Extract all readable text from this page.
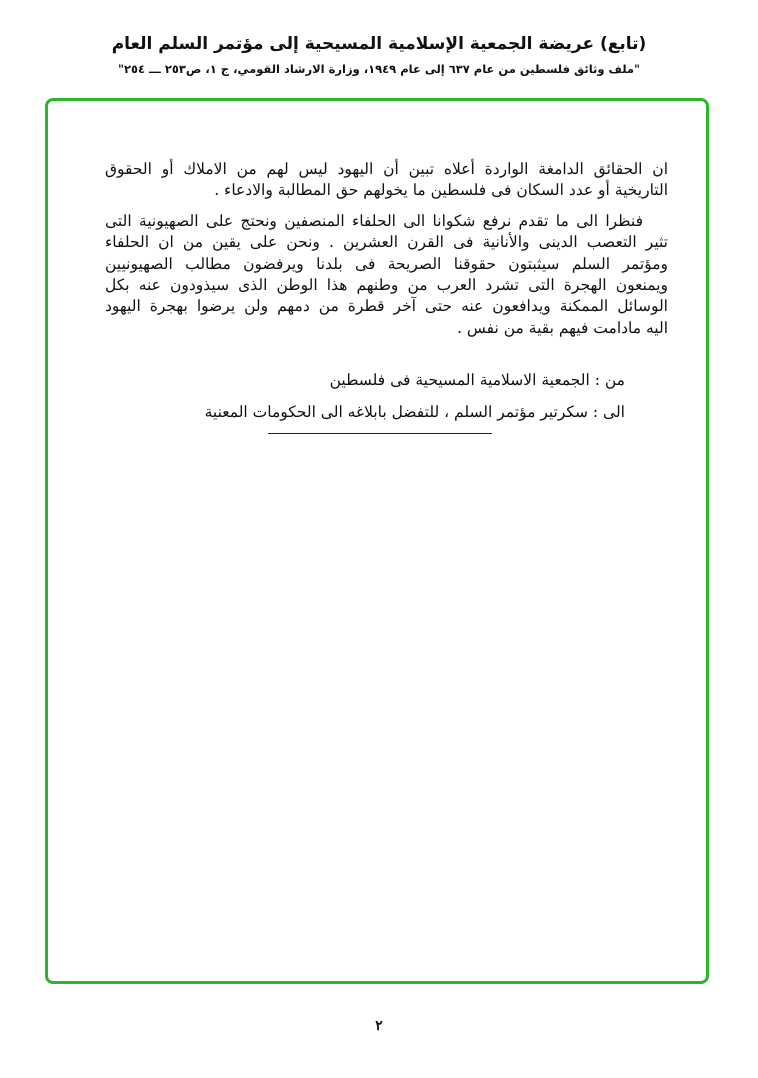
(تابع) عريضة الجمعية الإسلامية المسيحية إلى مؤتمر السلم العام
"ملف وثائق فلسطين من عام ٦٣٧ إلى عام ١٩٤٩، وزارة الارشاد القومي، ج ١، ص٢٥٣ ـــ ٢٥٤"
ان الحقائق الدامغة الواردة أعلاه تبين أن اليهود ليس لهم من الاملاك أو الحقوق
التاريخية أو عدد السكان فى فلسطين ما يخولهم حق المطالبة والادعاء .
فنظرا الى ما تقدم نرفع شكوانا الى الحلفاء المنصفين ونحتج على الصهيونية التى
تثير التعصب الدينى والأنانية فى القرن العشرين . ونحن على يقين من ان الحلفاء
ومؤتمر السلم سيثبتون حقوقنا الصريحة فى بلدنا ويرفضون مطالب الصهيونيين
ويمنعون الهجرة التى تشرد العرب من وطنهم هذا الوطن الذى سيذودون عنه بكل
الوسائل الممكنة ويدافعون عنه حتى آخر قطرة من دمهم ولن يرضوا بهجرة اليهود
اليه مادامت فيهم بقية من نفس .
من : الجمعية الاسلامية المسيحية فى فلسطين
الى : سكرتير مؤتمر السلم ، للتفضل بابلاغه الى الحكومات المعنية
٢
